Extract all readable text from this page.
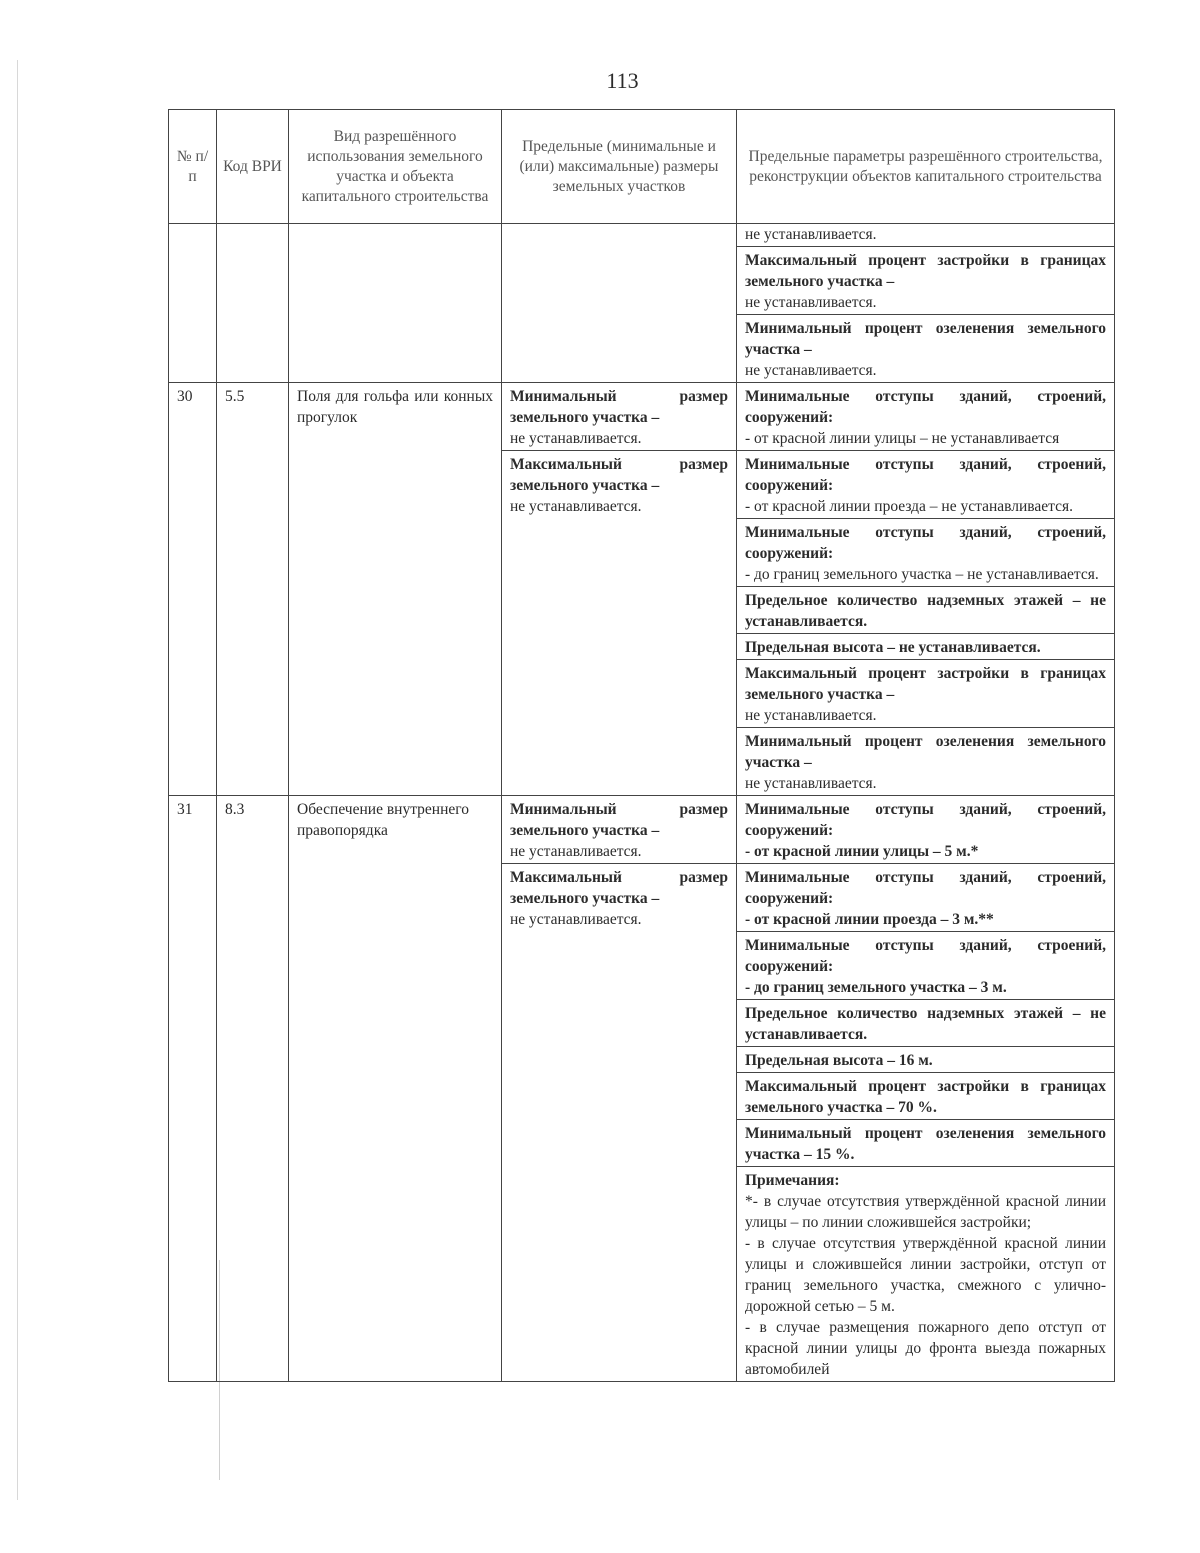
113
№ п/п	Код ВРИ	Вид разрешённого использования земельного участка и объекта капитального строительства	Предельные (минимальные и (или) максимальные) размеры земельных участков	Предельные параметры разрешённого строительства, реконструкции объектов капитального строительства

				не устанавливается.

				Максимальный процент застройки в границах земельного участка –
не устанавливается.

				Минимальный процент озеленения земельного участка –
не устанавливается.

30	5.5	Поля для гольфа или конных прогулок	Минимальный размер земельного участка –
не устанавливается.	Минимальные отступы зданий, строений, сооружений:
- от красной линии улицы – не устанавливается

			Максимальный размер земельного участка –
не устанавливается.	Минимальные отступы зданий, строений, сооружений:
- от красной линии проезда – не устанавливается.

				Минимальные отступы зданий, строений, сооружений:
- до границ земельного участка – не устанавливается.

				Предельное количество надземных этажей – не устанавливается.
				Предельная высота – не устанавливается.
				Максимальный процент застройки в границах земельного участка –
не устанавливается.

				Минимальный процент озеленения земельного участка –
не устанавливается.

31	8.3	Обеспечение внутреннего правопорядка	Минимальный размер земельного участка –
не устанавливается.	Минимальные отступы зданий, строений, сооружений:
- от красной линии улицы – 5 м.*

			Максимальный размер земельного участка –
не устанавливается.	Минимальные отступы зданий, строений, сооружений:
- от красной линии проезда – 3 м.**

				Минимальные отступы зданий, строений, сооружений:
- до границ земельного участка – 3 м.

				Предельное количество надземных этажей – не устанавливается.
				Предельная высота – 16 м.
				Максимальный процент застройки в границах земельного участка – 70 %.
				Минимальный процент озеленения земельного участка – 15 %.

				Примечания:
*- в случае отсутствия утверждённой красной линии улицы – по линии сложившейся застройки;
- в случае отсутствия утверждённой красной линии улицы и сложившейся линии застройки, отступ от границ земельного участка, смежного с улично-дорожной сетью – 5 м.
- в случае размещения пожарного депо отступ от красной линии улицы до фронта выезда пожарных автомобилей
